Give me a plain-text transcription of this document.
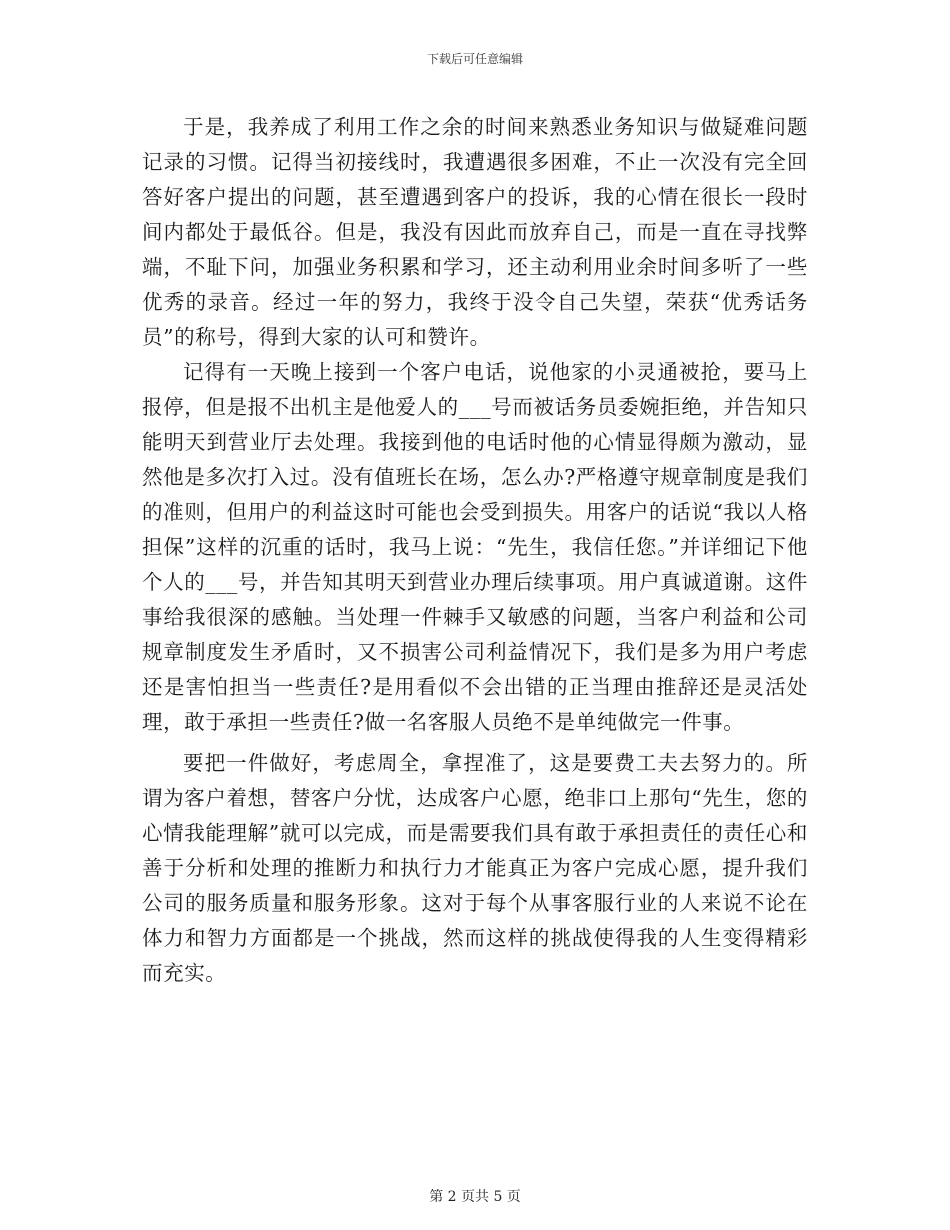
下载后可任意编辑

于是，我养成了利用工作之余的时间来熟悉业务知识与做疑难问题记录的习惯。记得当初接线时，我遭遇很多困难，不止一次没有完全回答好客户提出的问题，甚至遭遇到客户的投诉，我的心情在很长一段时间内都处于最低谷。但是，我没有因此而放弃自己，而是一直在寻找弊端，不耻下问，加强业务积累和学习，还主动利用业余时间多听了一些优秀的录音。经过一年的努力，我终于没令自己失望，荣获“优秀话务员”的称号，得到大家的认可和赞许。

记得有一天晚上接到一个客户电话，说他家的小灵通被抢，要马上报停，但是报不出机主是他爱人的___号而被话务员委婉拒绝，并告知只能明天到营业厅去处理。我接到他的电话时他的心情显得颇为激动，显然他是多次打入过。没有值班长在场，怎么办?严格遵守规章制度是我们的准则，但用户的利益这时可能也会受到损失。用客户的话说“我以人格担保”这样的沉重的话时，我马上说：“先生，我信任您。”并详细记下他个人的___号，并告知其明天到营业办理后续事项。用户真诚道谢。这件事给我很深的感触。当处理一件棘手又敏感的问题，当客户利益和公司规章制度发生矛盾时，又不损害公司利益情况下，我们是多为用户考虑还是害怕担当一些责任?是用看似不会出错的正当理由推辞还是灵活处理，敢于承担一些责任?做一名客服人员绝不是单纯做完一件事。

要把一件做好，考虑周全，拿捏准了，这是要费工夫去努力的。所谓为客户着想，替客户分忧，达成客户心愿，绝非口上那句“先生，您的心情我能理解”就可以完成，而是需要我们具有敢于承担责任的责任心和善于分析和处理的推断力和执行力才能真正为客户完成心愿，提升我们公司的服务质量和服务形象。这对于每个从事客服行业的人来说不论在体力和智力方面都是一个挑战，然而这样的挑战使得我的人生变得精彩而充实。

第 2 页共 5 页
